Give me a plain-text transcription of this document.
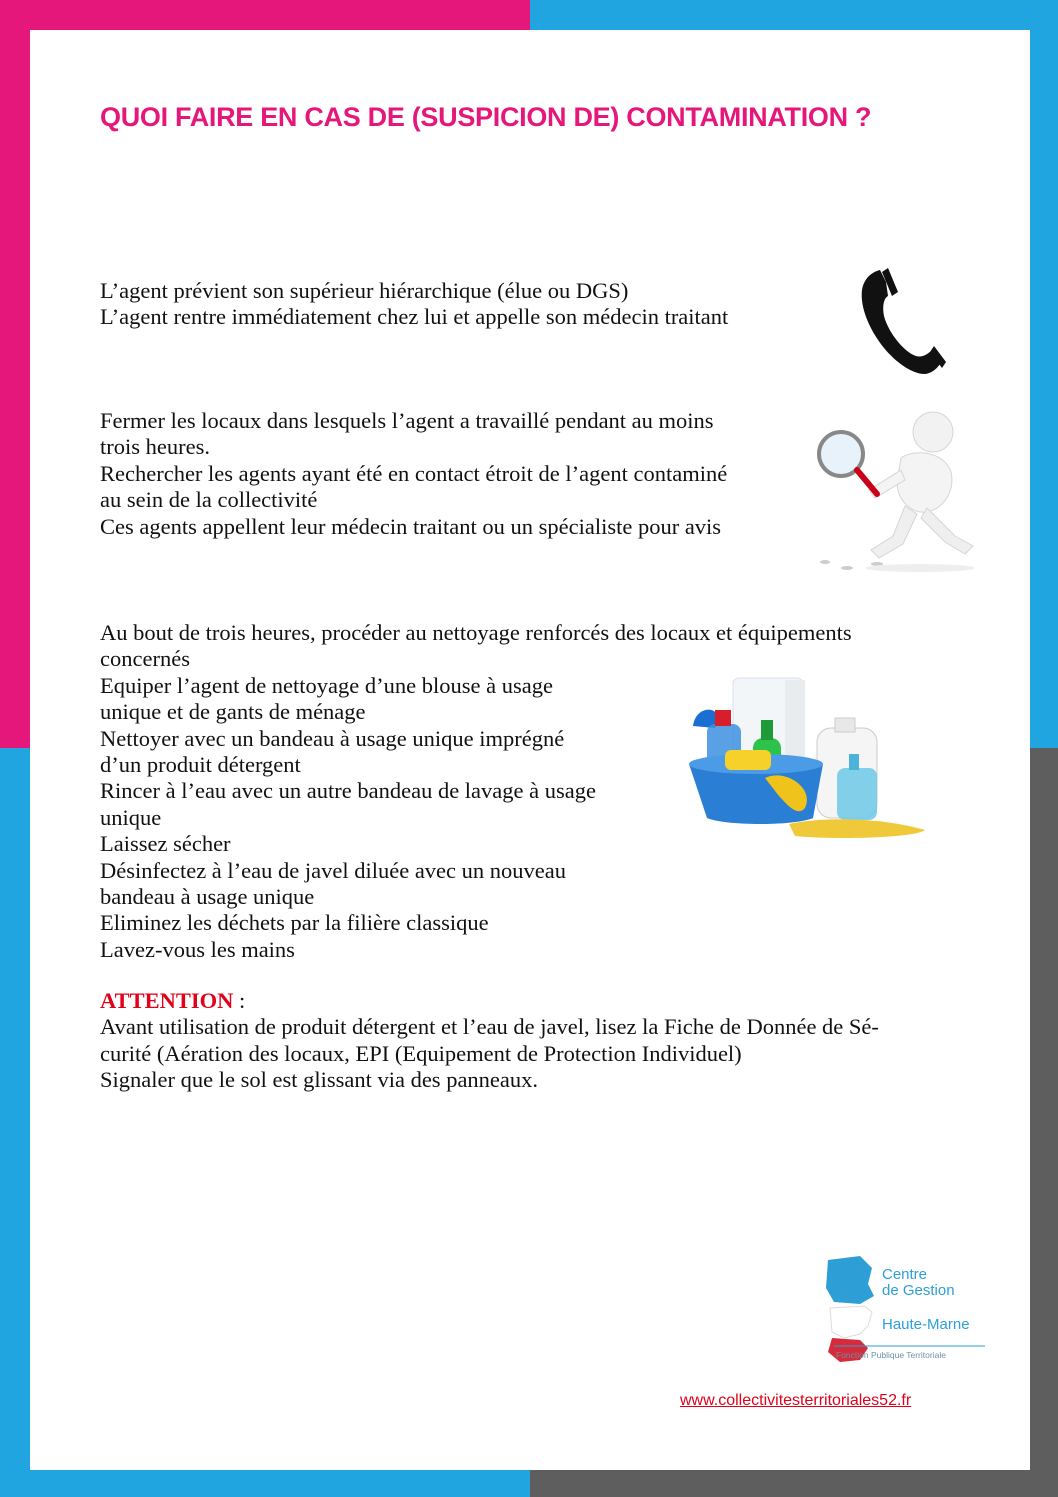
QUOI FAIRE EN CAS DE (SUSPICION DE) CONTAMINATION ?
L’agent prévient son supérieur hiérarchique (élue ou DGS)
L’agent rentre immédiatement chez lui et appelle son médecin traitant
Fermer les locaux dans lesquels l’agent a travaillé pendant au moins
trois heures.
Rechercher les agents ayant été en contact étroit de l’agent contaminé
au sein de la collectivité
Ces agents appellent leur médecin traitant ou un spécialiste pour avis
Au bout de trois heures, procéder au nettoyage renforcés des locaux et équipements
concernés
Equiper l’agent de nettoyage d’une blouse à usage
unique et de gants de ménage
Nettoyer avec un bandeau à usage unique imprégné
d’un produit détergent
Rincer à l’eau avec un autre bandeau de lavage à usage
unique
Laissez sécher
Désinfectez à l’eau de javel diluée avec un nouveau
bandeau à usage unique
Eliminez les déchets par la filière classique
Lavez-vous les mains
ATTENTION :
Avant utilisation de produit détergent et l’eau de javel, lisez la Fiche de Donnée de Sé-
curité (Aération des locaux, EPI (Equipement de Protection Individuel)
Signaler que le sol est glissant via des panneaux.
Centre
de Gestion
Haute-Marne
Fonction Publique Territoriale
www.collectivitesterritoriales52.fr
